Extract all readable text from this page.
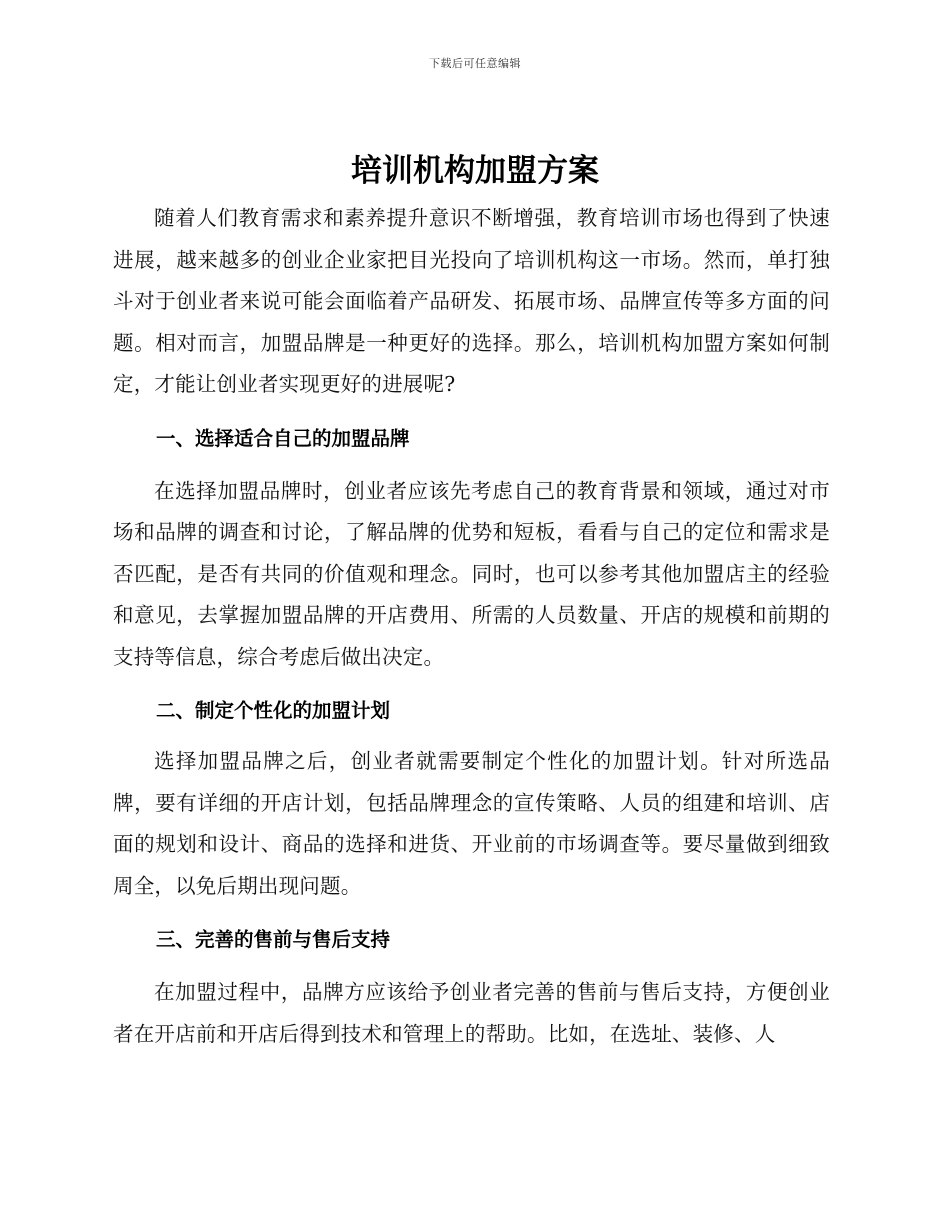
下载后可任意编辑
培训机构加盟方案

随着人们教育需求和素养提升意识不断增强，教育培训市场也得到了快速进展，越来越多的创业企业家把目光投向了培训机构这一市场。然而，单打独斗对于创业者来说可能会面临着产品研发、拓展市场、品牌宣传等多方面的问题。相对而言，加盟品牌是一种更好的选择。那么，培训机构加盟方案如何制定，才能让创业者实现更好的进展呢?

一、选择适合自己的加盟品牌

在选择加盟品牌时，创业者应该先考虑自己的教育背景和领域，通过对市场和品牌的调查和讨论，了解品牌的优势和短板，看看与自己的定位和需求是否匹配，是否有共同的价值观和理念。同时，也可以参考其他加盟店主的经验和意见，去掌握加盟品牌的开店费用、所需的人员数量、开店的规模和前期的支持等信息，综合考虑后做出决定。

二、制定个性化的加盟计划

选择加盟品牌之后，创业者就需要制定个性化的加盟计划。针对所选品牌，要有详细的开店计划，包括品牌理念的宣传策略、人员的组建和培训、店面的规划和设计、商品的选择和进货、开业前的市场调查等。要尽量做到细致周全，以免后期出现问题。

三、完善的售前与售后支持

在加盟过程中，品牌方应该给予创业者完善的售前与售后支持，方便创业者在开店前和开店后得到技术和管理上的帮助。比如，在选址、装修、人
